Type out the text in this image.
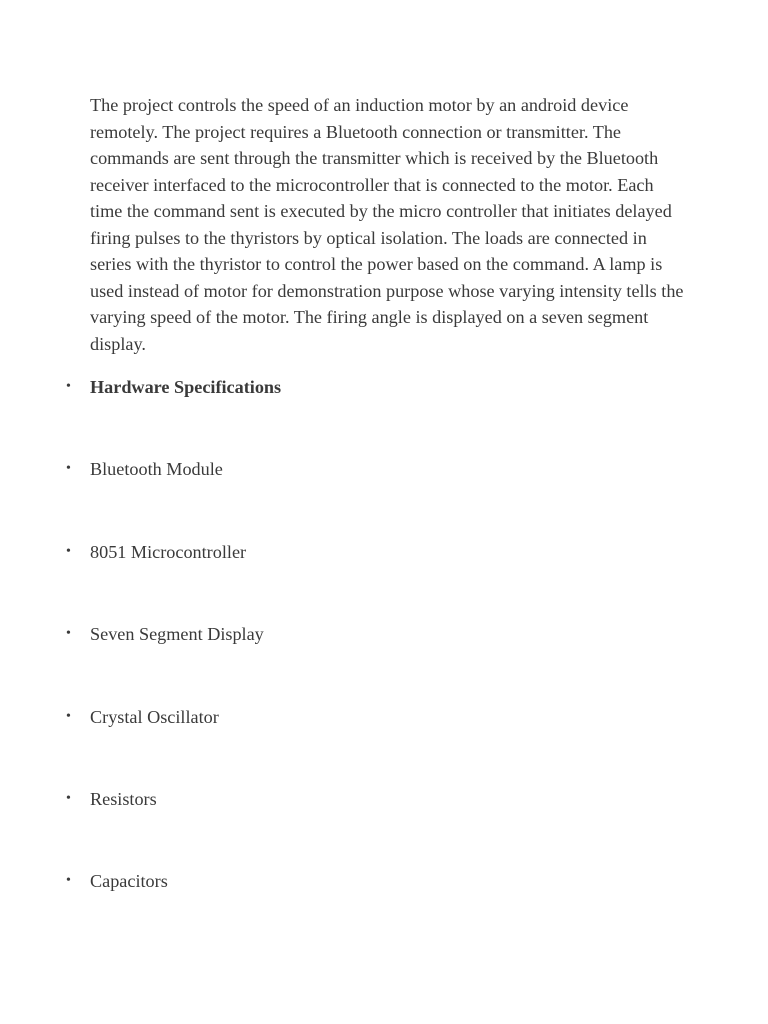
The project controls the speed of an induction motor by an android device remotely. The project requires a Bluetooth connection or transmitter. The commands are sent through the transmitter which is received by the Bluetooth receiver interfaced to the microcontroller that is connected to the motor. Each time the command sent is executed by the micro controller that initiates delayed firing pulses to the thyristors by optical isolation. The loads are connected in series with the thyristor to control the power based on the command. A lamp is used instead of motor for demonstration purpose whose varying intensity tells the varying speed of the motor. The firing angle is displayed on a seven segment display.

• Hardware Specifications
• Bluetooth Module
• 8051 Microcontroller
• Seven Segment Display
• Crystal Oscillator
• Resistors
• Capacitors
